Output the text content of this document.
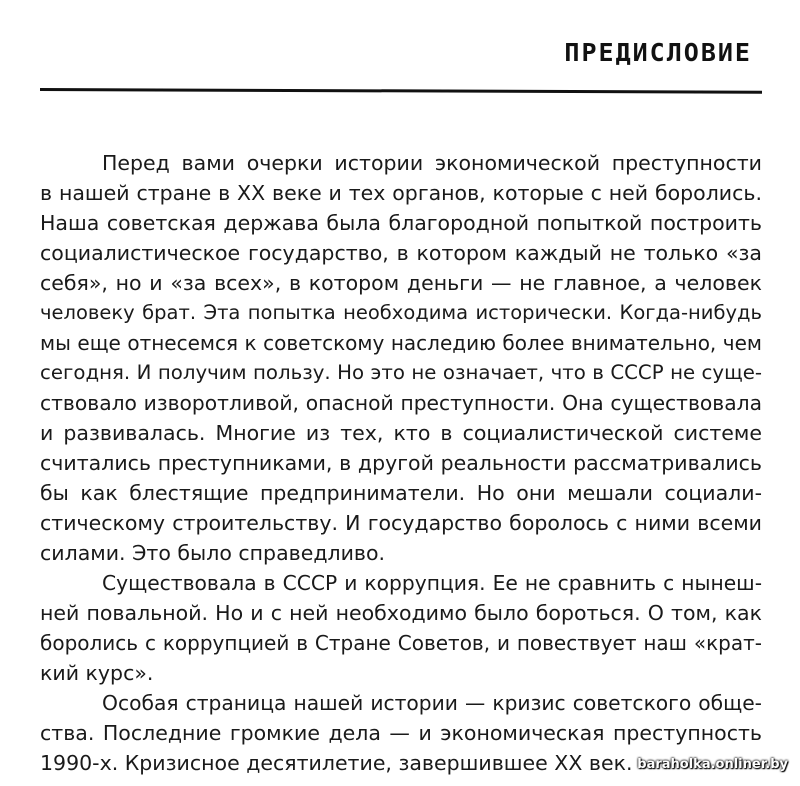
ПРЕДИСЛОВИЕ
Перед вами очерки истории экономической преступности
в нашей стране в XX веке и тех органов, которые с ней боролись.
Наша советская держава была благородной попыткой построить
социалистическое государство, в котором каждый не только «за
себя», но и «за всех», в котором деньги — не главное, а человек
человеку брат. Эта попытка необходима исторически. Когда-нибудь
мы еще отнесемся к советскому наследию более внимательно, чем
сегодня. И получим пользу. Но это не означает, что в СССР не суще-
ствовало изворотливой, опасной преступности. Она существовала
и развивалась. Многие из тех, кто в социалистической системе
считались преступниками, в другой реальности рассматривались
бы как блестящие предприниматели. Но они мешали социали-
стическому строительству. И государство боролось с ними всеми
силами. Это было справедливо.
Существовала в СССР и коррупция. Ее не сравнить с нынеш-
ней повальной. Но и с ней необходимо было бороться. О том, как
боролись с коррупцией в Стране Советов, и повествует наш «крат-
кий курс».
Особая страница нашей истории — кризис советского обще-
ства. Последние громкие дела — и экономическая преступность
1990-х. Кризисное десятилетие, завершившее XX век. baraholka.onliner.by
